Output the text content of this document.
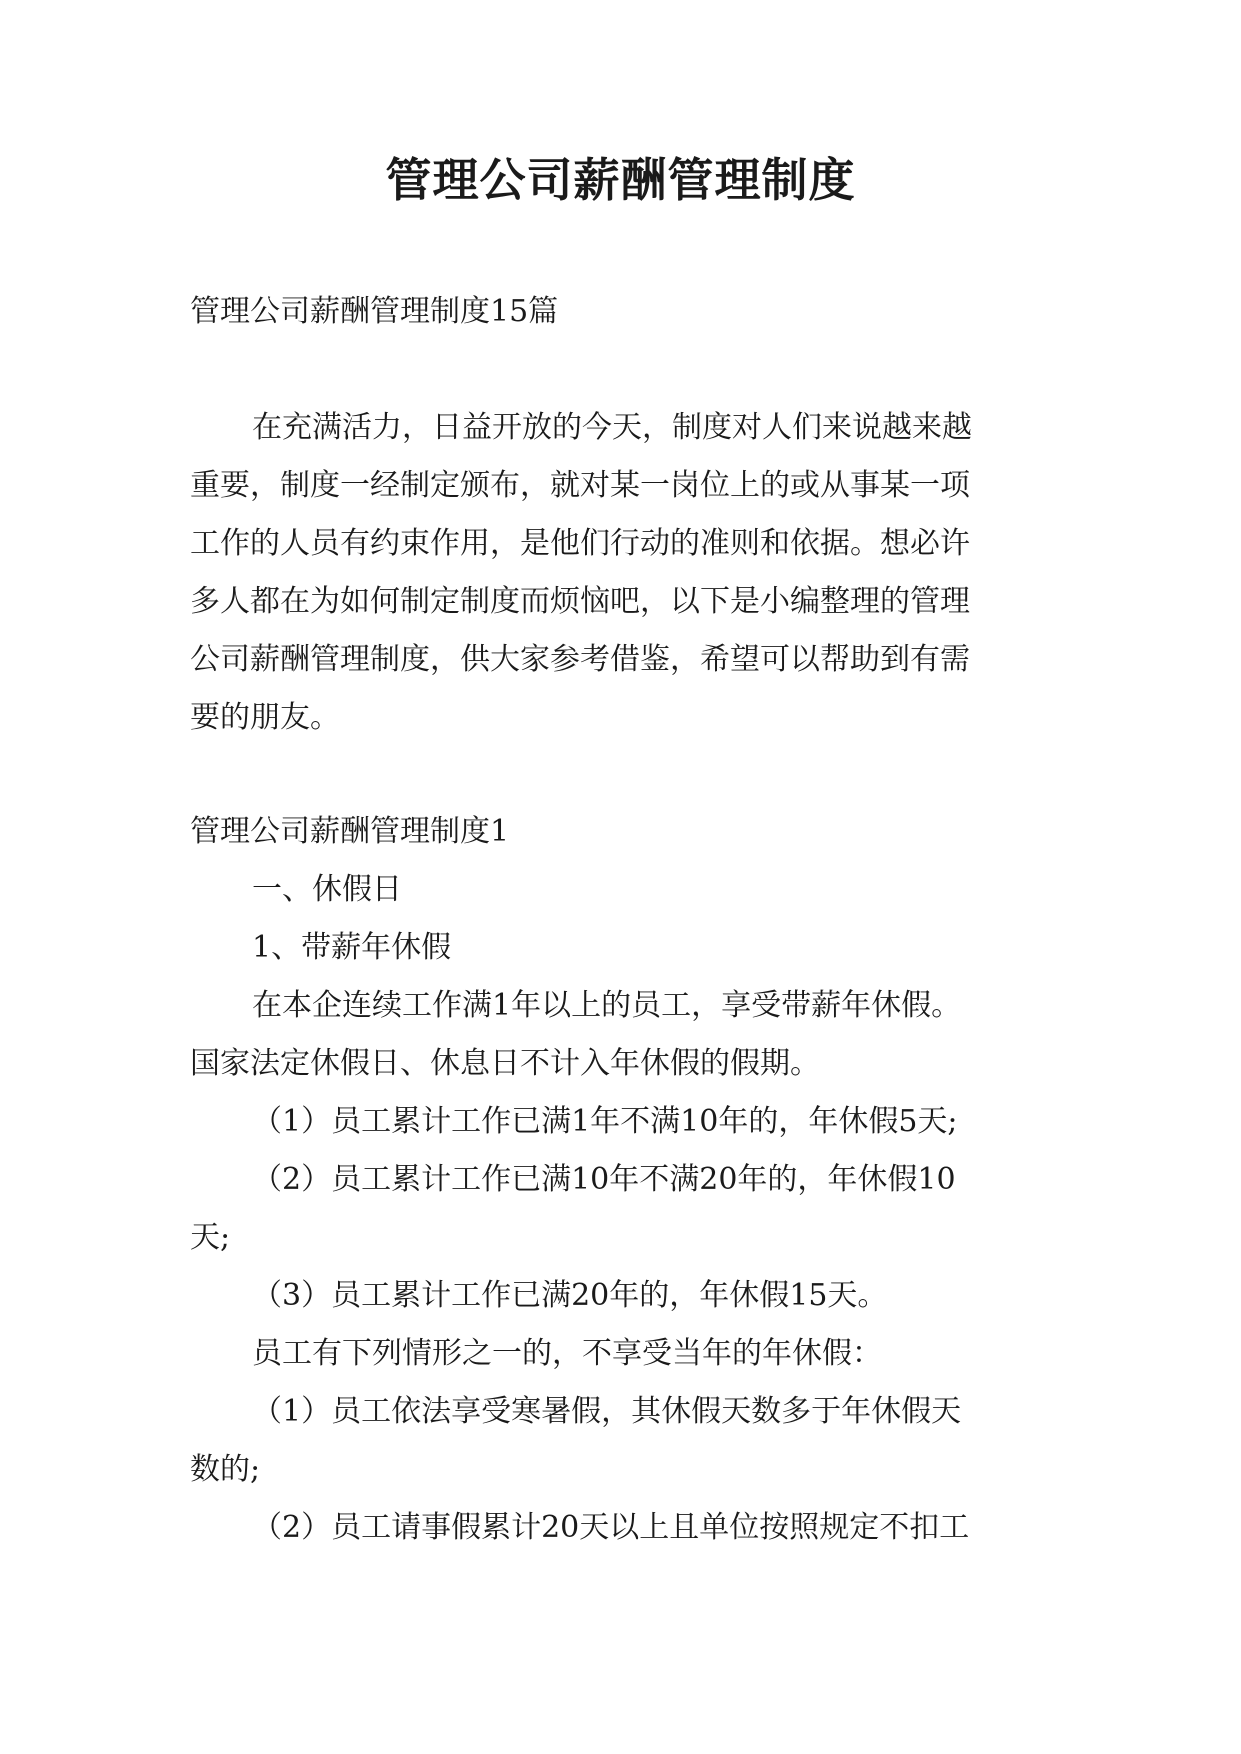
管理公司薪酬管理制度
管理公司薪酬管理制度15篇
在充满活力，日益开放的今天，制度对人们来说越来越
重要，制度一经制定颁布，就对某一岗位上的或从事某一项
工作的人员有约束作用，是他们行动的准则和依据。想必许
多人都在为如何制定制度而烦恼吧，以下是小编整理的管理
公司薪酬管理制度，供大家参考借鉴，希望可以帮助到有需
要的朋友。
管理公司薪酬管理制度1
一、休假日
1、带薪年休假
在本企连续工作满1年以上的员工，享受带薪年休假。
国家法定休假日、休息日不计入年休假的假期。
（1）员工累计工作已满1年不满10年的，年休假5天;
（2）员工累计工作已满10年不满20年的，年休假10
天;
（3）员工累计工作已满20年的，年休假15天。
员工有下列情形之一的，不享受当年的年休假：
（1）员工依法享受寒暑假，其休假天数多于年休假天
数的;
（2）员工请事假累计20天以上且单位按照规定不扣工
